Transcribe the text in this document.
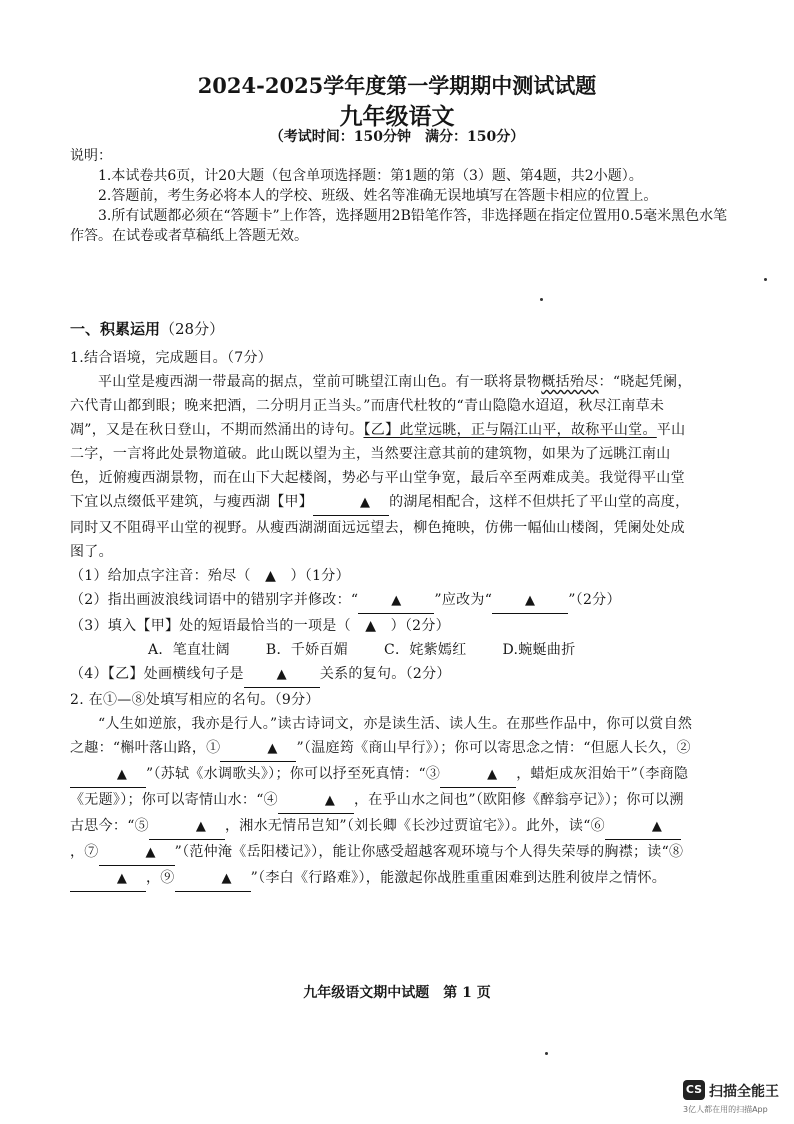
2024-2025学年度第一学期期中测试试题
九年级语文
（考试时间：150分钟　满分：150分）

说明：

1.本试卷共6页，计20大题（包含单项选择题：第1题的第（3）题、第4题，共2小题）。

2.答题前，考生务必将本人的学校、班级、姓名等准确无误地填写在答题卡相应的位置上。

3.所有试题都必须在“答题卡”上作答，选择题用2B铅笔作答，非选择题在指定位置用0.5毫米黑色水笔作答。在试卷或者草稿纸上答题无效。

一、积累运用（28分）

1.结合语境，完成题目。（7分）

平山堂是瘦西湖一带最高的据点，堂前可眺望江南山色。有一联将景物概括殆尽：“晓起凭阑，六代青山都到眼；晚来把酒，二分明月正当头。”而唐代杜牧的“青山隐隐水迢迢，秋尽江南草未凋”，又是在秋日登山，不期而然涌出的诗句。【乙】此堂远眺，正与隔江山平，故称平山堂。平山二字，一言将此处景物道破。此山既以望为主，当然要注意其前的建筑物，如果为了远眺江南山色，近俯瘦西湖景物，而在山下大起楼阁，势必与平山堂争宽，最后卒至两难成美。我觉得平山堂下宜以点缀低平建筑，与瘦西湖【甲】	▲ 的湖尾相配合，这样不但烘托了平山堂的高度，同时又不阻碍平山堂的视野。从瘦西湖湖面远远望去，柳色掩映，仿佛一幅仙山楼阁，凭阑处处成图了。

（1）给加点字注音：殆尽（　▲　）（1分）

（2）指出画波浪线词语中的错别字并修改：“	▲ ”应改为“	▲ ”（2分）

（3）填入【甲】处的短语最恰当的一项是（　▲　）（2分）

A．笔直壮阔	B．千娇百媚	C．姹紫嫣红	D.蜿蜒曲折

（4）【乙】处画横线句子是	▲ 关系的复句。（2分）

2. 在①—⑧处填写相应的名句。（9分）

“人生如逆旅，我亦是行人。”读古诗词文，亦是读生活、读人生。在那些作品中，你可以赏自然之趣：“槲叶落山路，①	▲ ”（温庭筠《商山早行》）；你可以寄思念之情：“但愿人长久，②▲ ”（苏轼《水调歌头》）；你可以抒至死真情：“③	▲ ，蜡炬成灰泪始干”（李商隐《无题》）；你可以寄情山水：“④	▲ ，在乎山水之间也”（欧阳修《醉翁亭记》）；你可以溯古思今：“⑤	▲ ，湘水无情吊岂知”（刘长卿《长沙过贾谊宅》）。此外，读“⑥	▲，⑦	▲ ”（范仲淹《岳阳楼记》），能让你感受超越客观环境与个人得失荣辱的胸襟；读“⑧▲ ，⑨	▲ ”（李白《行路难》），能激起你战胜重重困难到达胜利彼岸之情怀。

九年级语文期中试题　第 1 页
CS 扫描全能王
3亿人都在用的扫描App
